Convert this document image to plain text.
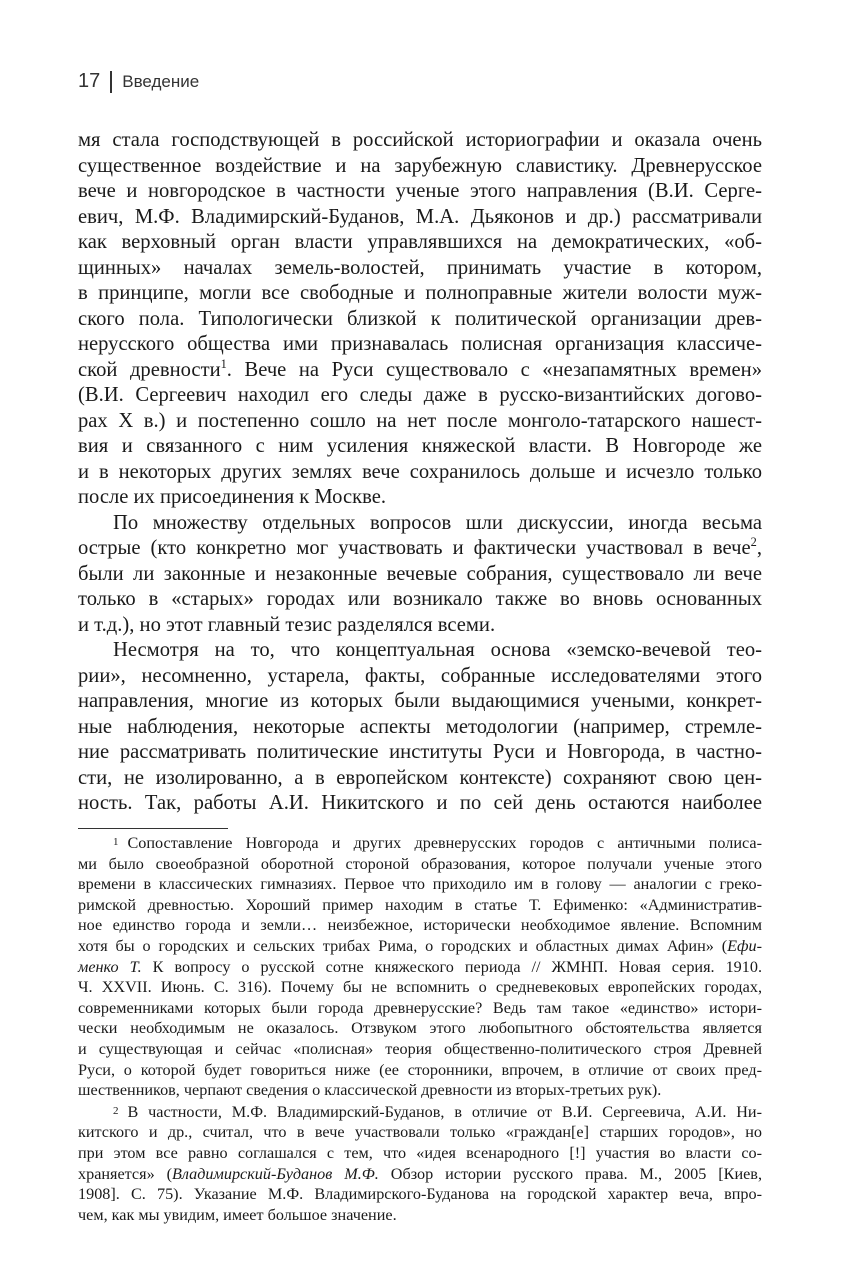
17 Введение
мя стала господствующей в российской историографии и оказала очень
существенное воздействие и на зарубежную славистику. Древнерусское
вече и новгородское в частности ученые этого направления (В.И. Серге-
евич, М.Ф. Владимирский-Буданов, М.А. Дьяконов и др.) рассматривали
как верховный орган власти управлявшихся на демократических, «об-
щинных» началах земель-волостей, принимать участие в котором,
в принципе, могли все свободные и полноправные жители волости муж-
ского пола. Типологически близкой к политической организации древ-
нерусского общества ими признавалась полисная организация классиче-
ской древности$^1$. Вече на Руси существовало с «незапамятных времен»
(В.И. Сергеевич находил его следы даже в русско-византийских догово-
рах X в.) и постепенно сошло на нет после монголо-татарского нашест-
вия и связанного с ним усиления княжеской власти. В Новгороде же
и в некоторых других землях вече сохранилось дольше и исчезло только
после их присоединения к Москве.
По множеству отдельных вопросов шли дискуссии, иногда весьма
острые (кто конкретно мог участвовать и фактически участвовал в вече$^2$,
были ли законные и незаконные вечевые собрания, существовало ли вече
только в «старых» городах или возникало также во вновь основанных
и т.д.), но этот главный тезис разделялся всеми.
Несмотря на то, что концептуальная основа «земско-вечевой тео-
рии», несомненно, устарела, факты, собранные исследователями этого
направления, многие из которых были выдающимися учеными, конкрет-
ные наблюдения, некоторые аспекты методологии (например, стремле-
ние рассматривать политические институты Руси и Новгорода, в частно-
сти, не изолированно, а в европейском контексте) сохраняют свою цен-
ность. Так, работы А.И. Никитского и по сей день остаются наиболее
1 Сопоставление Новгорода и других древнерусских городов с античными полиса-
ми было своеобразной оборотной стороной образования, которое получали ученые этого
времени в классических гимназиях. Первое что приходило им в голову — аналогии с греко-
римской древностью. Хороший пример находим в статье Т. Ефименко: «Административ-
ное единство города и земли… неизбежное, исторически необходимое явление. Вспомним
хотя бы о городских и сельских трибах Рима, о городских и областных димах Афин» (Ефи-
менко Т. К вопросу о русской сотне княжеского периода // ЖМНП. Новая серия. 1910.
Ч. XXVII. Июнь. С. 316). Почему бы не вспомнить о средневековых европейских городах,
современниками которых были города древнерусские? Ведь там такое «единство» истори-
чески необходимым не оказалось. Отзвуком этого любопытного обстоятельства является
и существующая и сейчас «полисная» теория общественно-политического строя Древней
Руси, о которой будет говориться ниже (ее сторонники, впрочем, в отличие от своих пред-
шественников, черпают сведения о классической древности из вторых-третьих рук).
2 В частности, М.Ф. Владимирский-Буданов, в отличие от В.И. Сергеевича, А.И. Ни-
китского и др., считал, что в вече участвовали только «граждан[е] старших городов», но
при этом все равно соглашался с тем, что «идея всенародного [!] участия во власти со-
храняется» (Владимирский-Буданов М.Ф. Обзор истории русского права. М., 2005 [Киев,
1908]. С. 75). Указание М.Ф. Владимирского-Буданова на городской характер веча, впро-
чем, как мы увидим, имеет большое значение.
